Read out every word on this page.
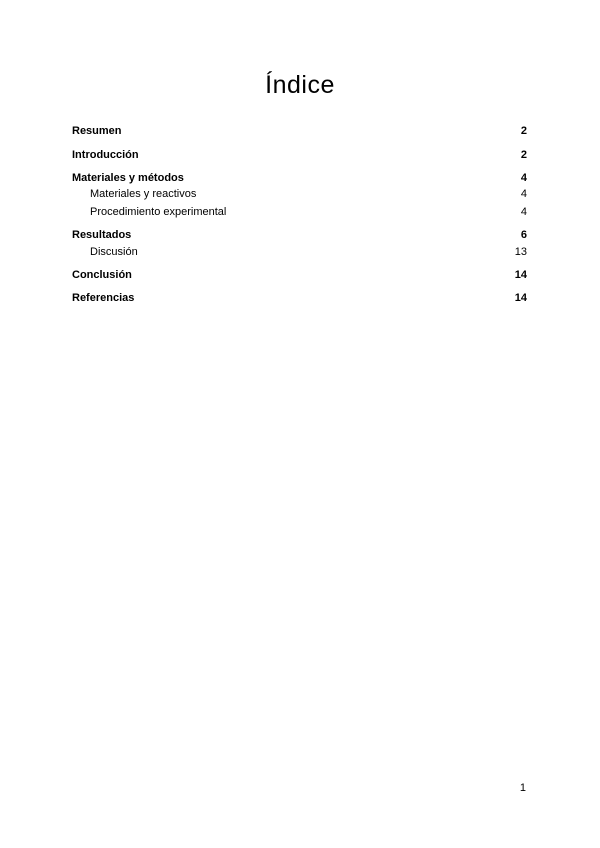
Índice
Resumen	2
Introducción	2
Materiales y métodos	4
Materiales y reactivos	4
Procedimiento experimental	4
Resultados	6
Discusión	13
Conclusión	14
Referencias	14
1
